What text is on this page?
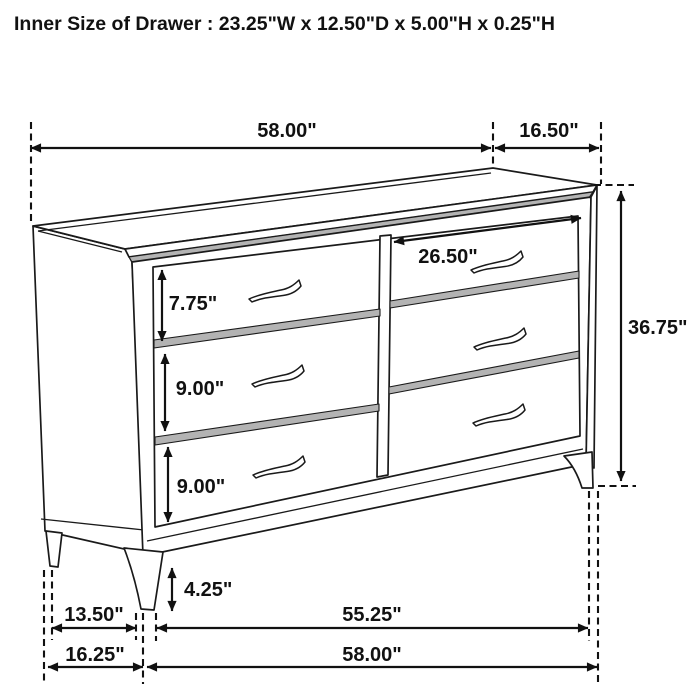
Inner Size of Drawer : 23.25"W x 12.50"D x 5.00"H x 0.25"H
58.00"	16.50"
36.75"
26.50"
7.75"
9.00"
9.00"
4.25"
13.50"	55.25"
16.25"	58.00"
